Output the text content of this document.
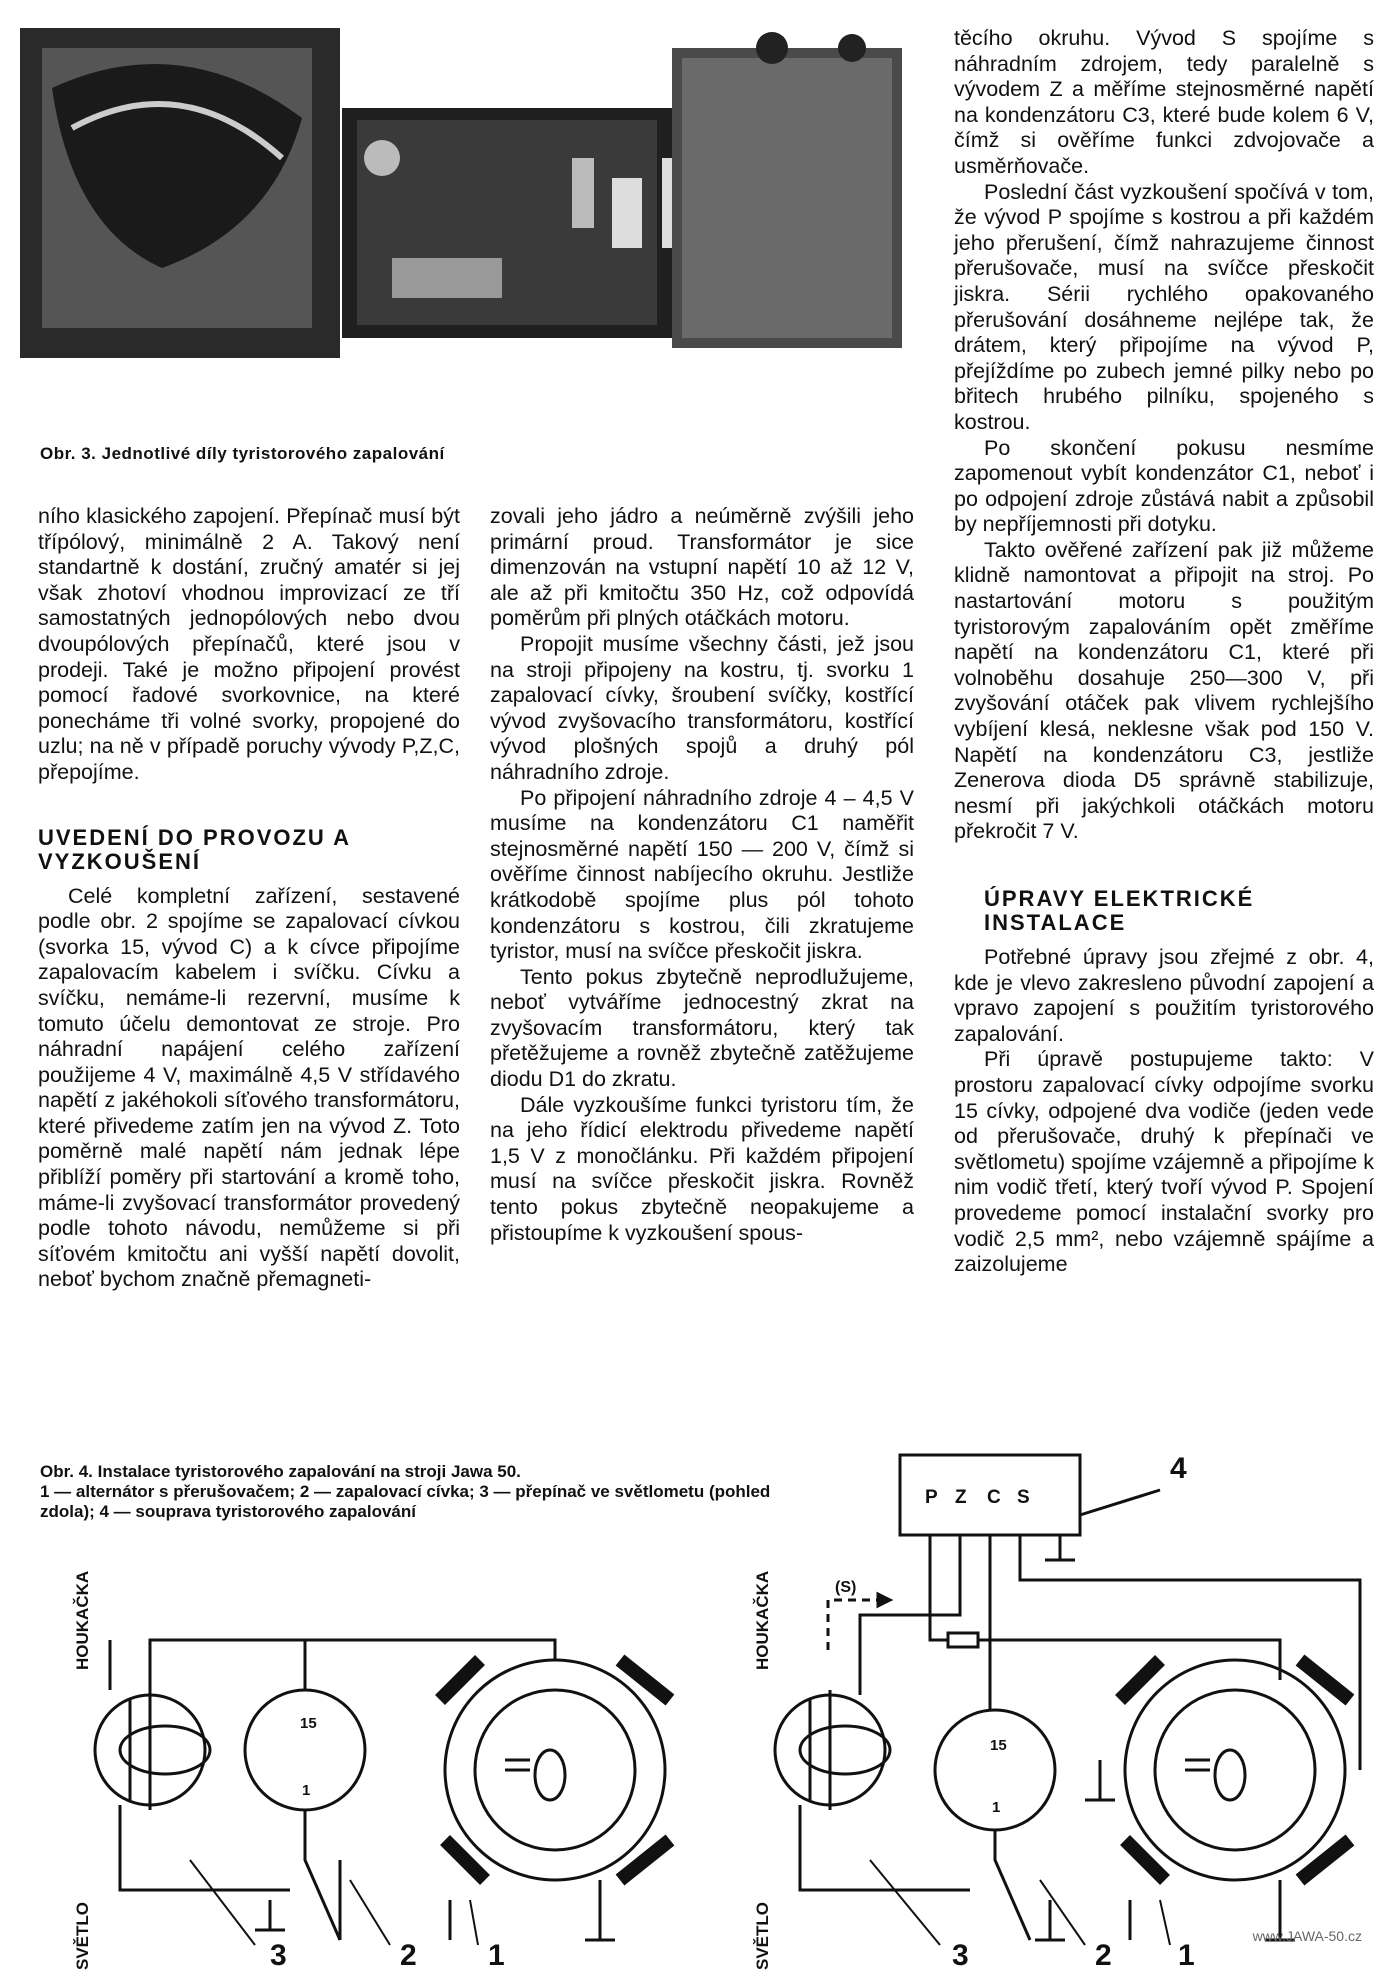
Obr. 3. Jednotlivé díly tyristorového zapalování

ního klasického zapojení. Přepínač musí být třípólový, minimálně 2 A. Takový není standartně k dostání, zručný amatér si jej však zhotoví vhodnou improvizací ze tří samostatných jednopólových nebo dvou dvoupólových přepínačů, které jsou v prodeji. Také je možno připojení provést pomocí řadové svorkovnice, na které ponecháme tři volné svorky, propojené do uzlu; na ně v případě poruchy vývody P,Z,C, přepojíme.

UVEDENÍ DO PROVOZU A VYZKOUŠENÍ

Celé kompletní zařízení, sestavené podle obr. 2 spojíme se zapalovací cívkou (svorka 15, vývod C) a k cívce připojíme zapalovacím kabelem i svíčku. Cívku a svíčku, nemáme-li rezervní, musíme k tomuto účelu demontovat ze stroje. Pro náhradní napájení celého zařízení použijeme 4 V, maximálně 4,5 V střídavého napětí z jakéhokoli síťového transformátoru, které přivedeme zatím jen na vývod Z. Toto poměrně malé napětí nám jednak lépe přiblíží poměry při startování a kromě toho, máme-li zvyšovací transformátor provedený podle tohoto návodu, nemůžeme si při síťovém kmitočtu ani vyšší napětí dovolit, neboť bychom značně přemagneti-

zovali jeho jádro a neúměrně zvýšili jeho primární proud. Transformátor je sice dimenzován na vstupní napětí 10 až 12 V, ale až při kmitočtu 350 Hz, což odpovídá poměrům při plných otáčkách motoru.

Propojit musíme všechny části, jež jsou na stroji připojeny na kostru, tj. svorku 1 zapalovací cívky, šroubení svíčky, kostřící vývod zvyšovacího transformátoru, kostřící vývod plošných spojů a druhý pól náhradního zdroje.

Po připojení náhradního zdroje 4 – 4,5 V musíme na kondenzátoru C1 naměřit stejnosměrné napětí 150 — 200 V, čímž si ověříme činnost nabíjecího okruhu. Jestliže krátkodobě spojíme plus pól tohoto kondenzátoru s kostrou, čili zkratujeme tyristor, musí na svíčce přeskočit jiskra.

Tento pokus zbytečně neprodlužujeme, neboť vytváříme jednocestný zkrat na zvyšovacím transformátoru, který tak přetěžujeme a rovněž zbytečně zatěžujeme diodu D1 do zkratu.

Dále vyzkoušíme funkci tyristoru tím, že na jeho řídicí elektrodu přivedeme napětí 1,5 V z monočlánku. Při každém připojení musí na svíčce přeskočit jiskra. Rovněž tento pokus zbytečně neopakujeme a přistoupíme k vyzkoušení spous-

těcího okruhu. Vývod S spojíme s náhradním zdrojem, tedy paralelně s vývodem Z a měříme stejnosměrné napětí na kondenzátoru C3, které bude kolem 6 V, čímž si ověříme funkci zdvojovače a usměrňovače.

Poslední část vyzkoušení spočívá v tom, že vývod P spojíme s kostrou a při každém jeho přerušení, čímž nahrazujeme činnost přerušovače, musí na svíčce přeskočit jiskra. Sérii rychlého opakovaného přerušování dosáhneme nejlépe tak, že drátem, který připojíme na vývod P, přejíždíme po zubech jemné pilky nebo po břitech hrubého pilníku, spojeného s kostrou.

Po skončení pokusu nesmíme zapomenout vybít kondenzátor C1, neboť i po odpojení zdroje zůstává nabit a způsobil by nepříjemnosti při dotyku.

Takto ověřené zařízení pak již můžeme klidně namontovat a připojit na stroj. Po nastartování motoru s použitým tyristorovým zapalováním opět změříme napětí na kondenzátoru C1, které při volnoběhu dosahuje 250—300 V, při zvyšování otáček pak vlivem rychlejšího vybíjení klesá, neklesne však pod 150 V. Napětí na kondenzátoru C3, jestliže Zenerova dioda D5 správně stabilizuje, nesmí při jakýchkoli otáčkách motoru překročit 7 V.

ÚPRAVY ELEKTRICKÉ INSTALACE

Potřebné úpravy jsou zřejmé z obr. 4, kde je vlevo zakresleno původní zapojení a vpravo zapojení s použitím tyristorového zapalování.

Při úpravě postupujeme takto: V prostoru zapalovací cívky odpojíme svorku 15 cívky, odpojené dva vodiče (jeden vede od přerušovače, druhý k přepínači ve světlometu) spojíme vzájemně a připojíme k nim vodič třetí, který tvoří vývod P. Spojení provedeme pomocí instalační svorky pro vodič 2,5 mm², nebo vzájemně spájíme a zaizolujeme

Obr. 4. Instalace tyristorového zapalování na stroji Jawa 50.
1 — alternátor s přerušovačem; 2 — zapalovací cívka; 3 — přepínač ve světlometu (pohled zdola); 4 — souprava tyristorového zapalování
HOUKAČKA
SVĚTLO
15
1
3	2 1
P Z C S
4
(S)
HOUKAČKA
SVĚTLO
15
1
3	2 1
www.JAWA-50.cz
